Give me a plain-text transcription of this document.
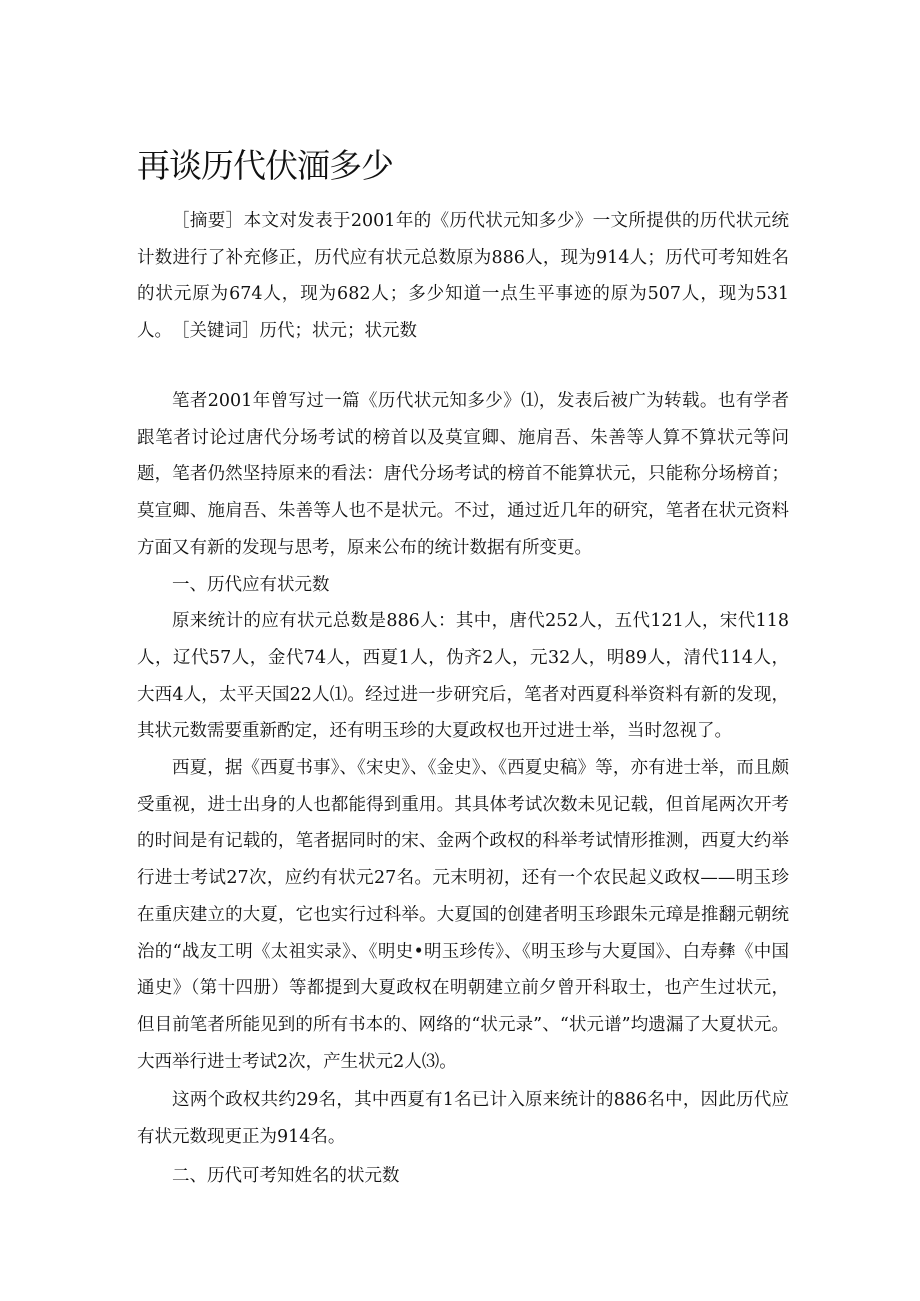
再谈历代伏湎多少

［摘要］本文对发表于2001年的《历代状元知多少》一文所提供的历代状元统计数进行了补充修正，历代应有状元总数原为886人，现为914人；历代可考知姓名的状元原为674人，现为682人；多少知道一点生平事迹的原为507人，现为531人。 ［关键词］历代；状元；状元数

笔者2001年曾写过一篇《历代状元知多少》⑴，发表后被广为转载。也有学者跟笔者讨论过唐代分场考试的榜首以及莫宣卿、施肩吾、朱善等人算不算状元等问题，笔者仍然坚持原来的看法：唐代分场考试的榜首不能算状元，只能称分场榜首；莫宣卿、施肩吾、朱善等人也不是状元。不过，通过近几年的研究，笔者在状元资料方面又有新的发现与思考，原来公布的统计数据有所变更。

一、历代应有状元数

原来统计的应有状元总数是886人：其中，唐代252人，五代121人，宋代118人，辽代57人，金代74人，西夏1人，伪齐2人，元32人，明89人，清代114人，大西4人，太平天国22人⑴。经过进一步研究后，笔者对西夏科举资料有新的发现，其状元数需要重新酌定，还有明玉珍的大夏政权也开过进士举，当时忽视了。

西夏，据《西夏书事》、《宋史》、《金史》、《西夏史稿》等，亦有进士举，而且颇受重视，进士出身的人也都能得到重用。其具体考试次数未见记载，但首尾两次开考的时间是有记载的，笔者据同时的宋、金两个政权的科举考试情形推测，西夏大约举行进士考试27次，应约有状元27名。元末明初，还有一个农民起义政权——明玉珍在重庆建立的大夏，它也实行过科举。大夏国的创建者明玉珍跟朱元璋是推翻元朝统治的“战友工明《太祖实录》、《明史•明玉珍传》、《明玉珍与大夏国》、白寿彝《中国通史》（第十四册）等都提到大夏政权在明朝建立前夕曾开科取士，也产生过状元，但目前笔者所能见到的所有书本的、网络的“状元录”、“状元谱”均遗漏了大夏状元。大西举行进士考试2次，产生状元2人⑶。

这两个政权共约29名，其中西夏有1名已计入原来统计的886名中，因此历代应有状元数现更正为914名。

二、历代可考知姓名的状元数
